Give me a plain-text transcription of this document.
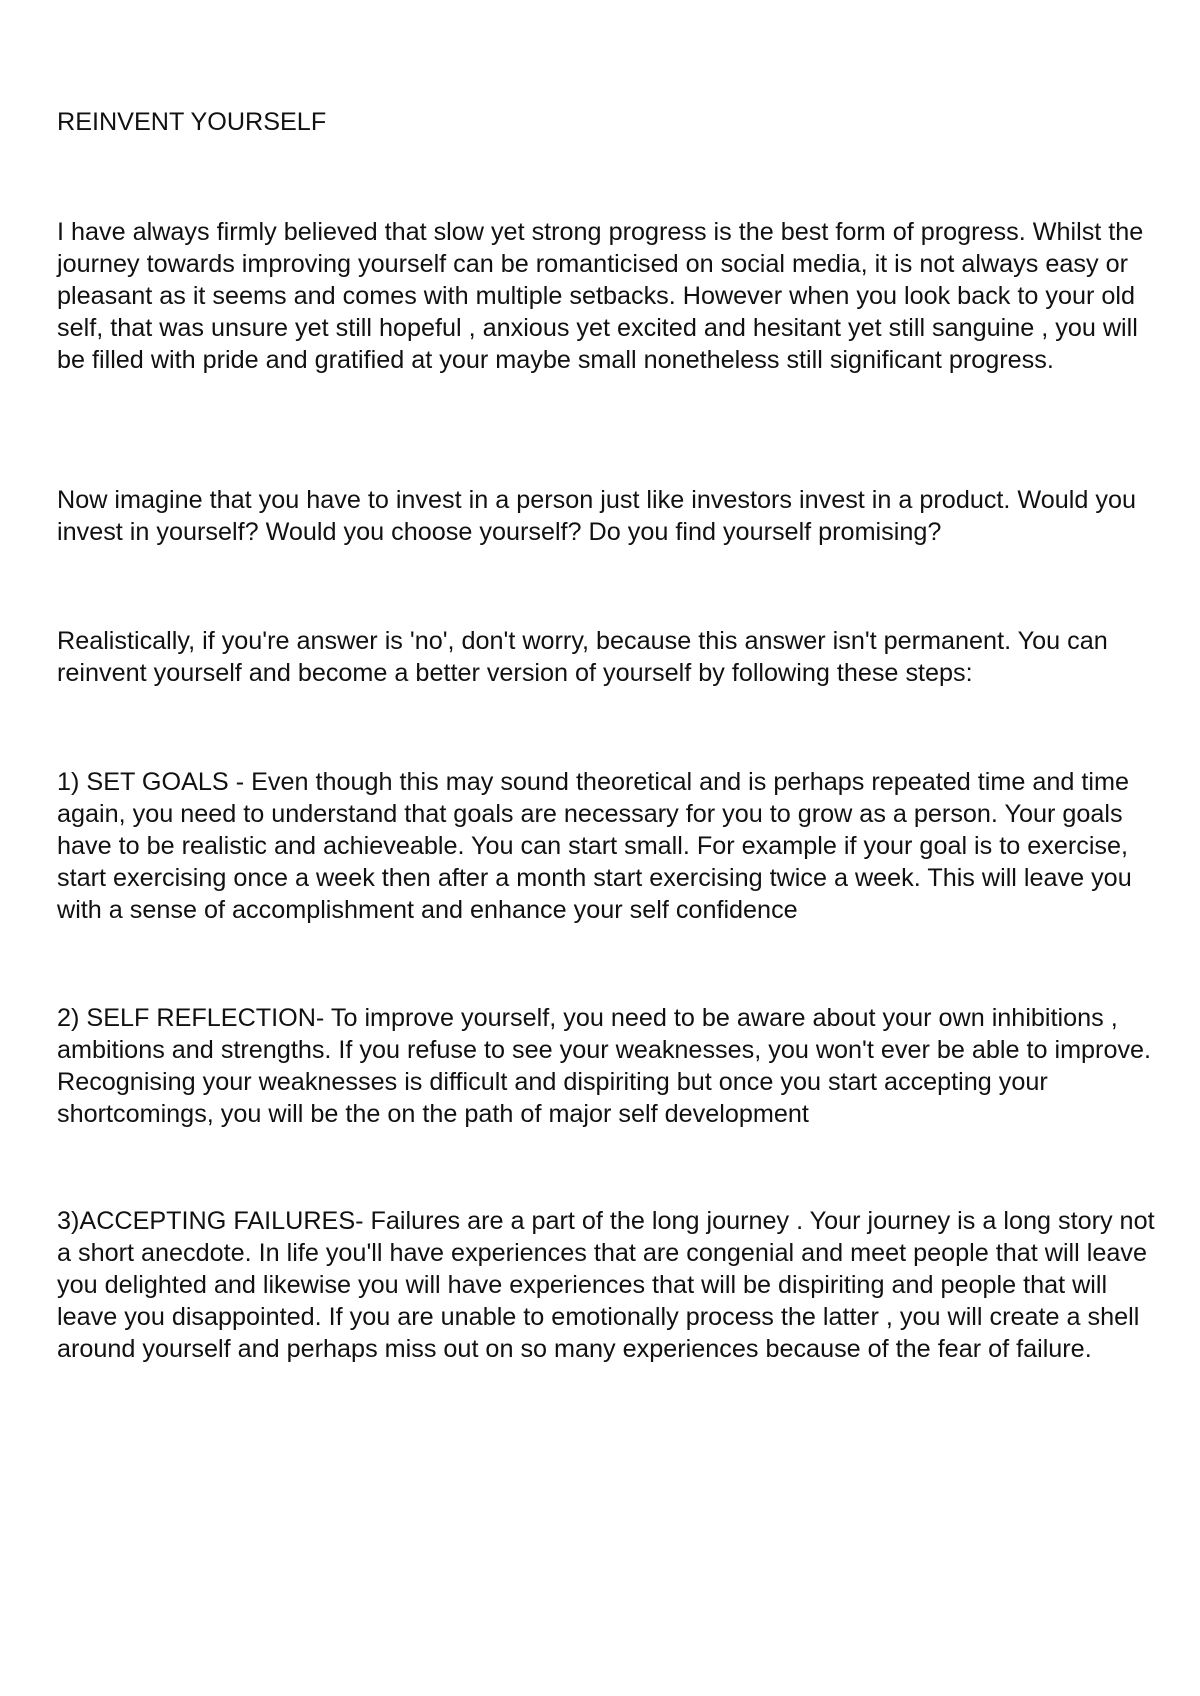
REINVENT YOURSELF

I have always firmly believed that slow yet strong progress is the best form of progress. Whilst the journey towards improving yourself can be romanticised on social media, it is not always easy or pleasant as it seems and comes with multiple setbacks. However when you look back to your old self, that was unsure yet still hopeful , anxious yet excited and hesitant yet still sanguine , you will be filled with pride and gratified at your maybe small nonetheless still significant progress.

Now imagine that you have to invest in a person just like investors invest in a product. Would you invest in yourself? Would you choose yourself? Do you find yourself promising?

Realistically, if you're answer is 'no', don't worry, because this answer isn't permanent. You can reinvent yourself and become a better version of yourself by following these steps:

1) SET GOALS - Even though this may sound theoretical and is perhaps repeated time and time again, you need to understand that goals are necessary for you to grow as a person. Your goals have to be realistic and achieveable. You can start small. For example if your goal is to exercise, start exercising once a week then after a month start exercising twice a week. This will leave you with a sense of accomplishment and enhance your self confidence

2) SELF REFLECTION- To improve yourself, you need to be aware about your own inhibitions , ambitions and strengths. If you refuse to see your weaknesses, you won't ever be able to improve. Recognising your weaknesses is difficult and dispiriting but once you start accepting your shortcomings, you will be the on the path of major self development

3)ACCEPTING FAILURES- Failures are a part of the long journey . Your journey is a long story not a short anecdote. In life you'll have experiences that are congenial and meet people that will leave you delighted and likewise you will have experiences that will be dispiriting and people that will leave you disappointed. If you are unable to emotionally process the latter , you will create a shell around yourself and perhaps miss out on so many experiences because of the fear of failure.
